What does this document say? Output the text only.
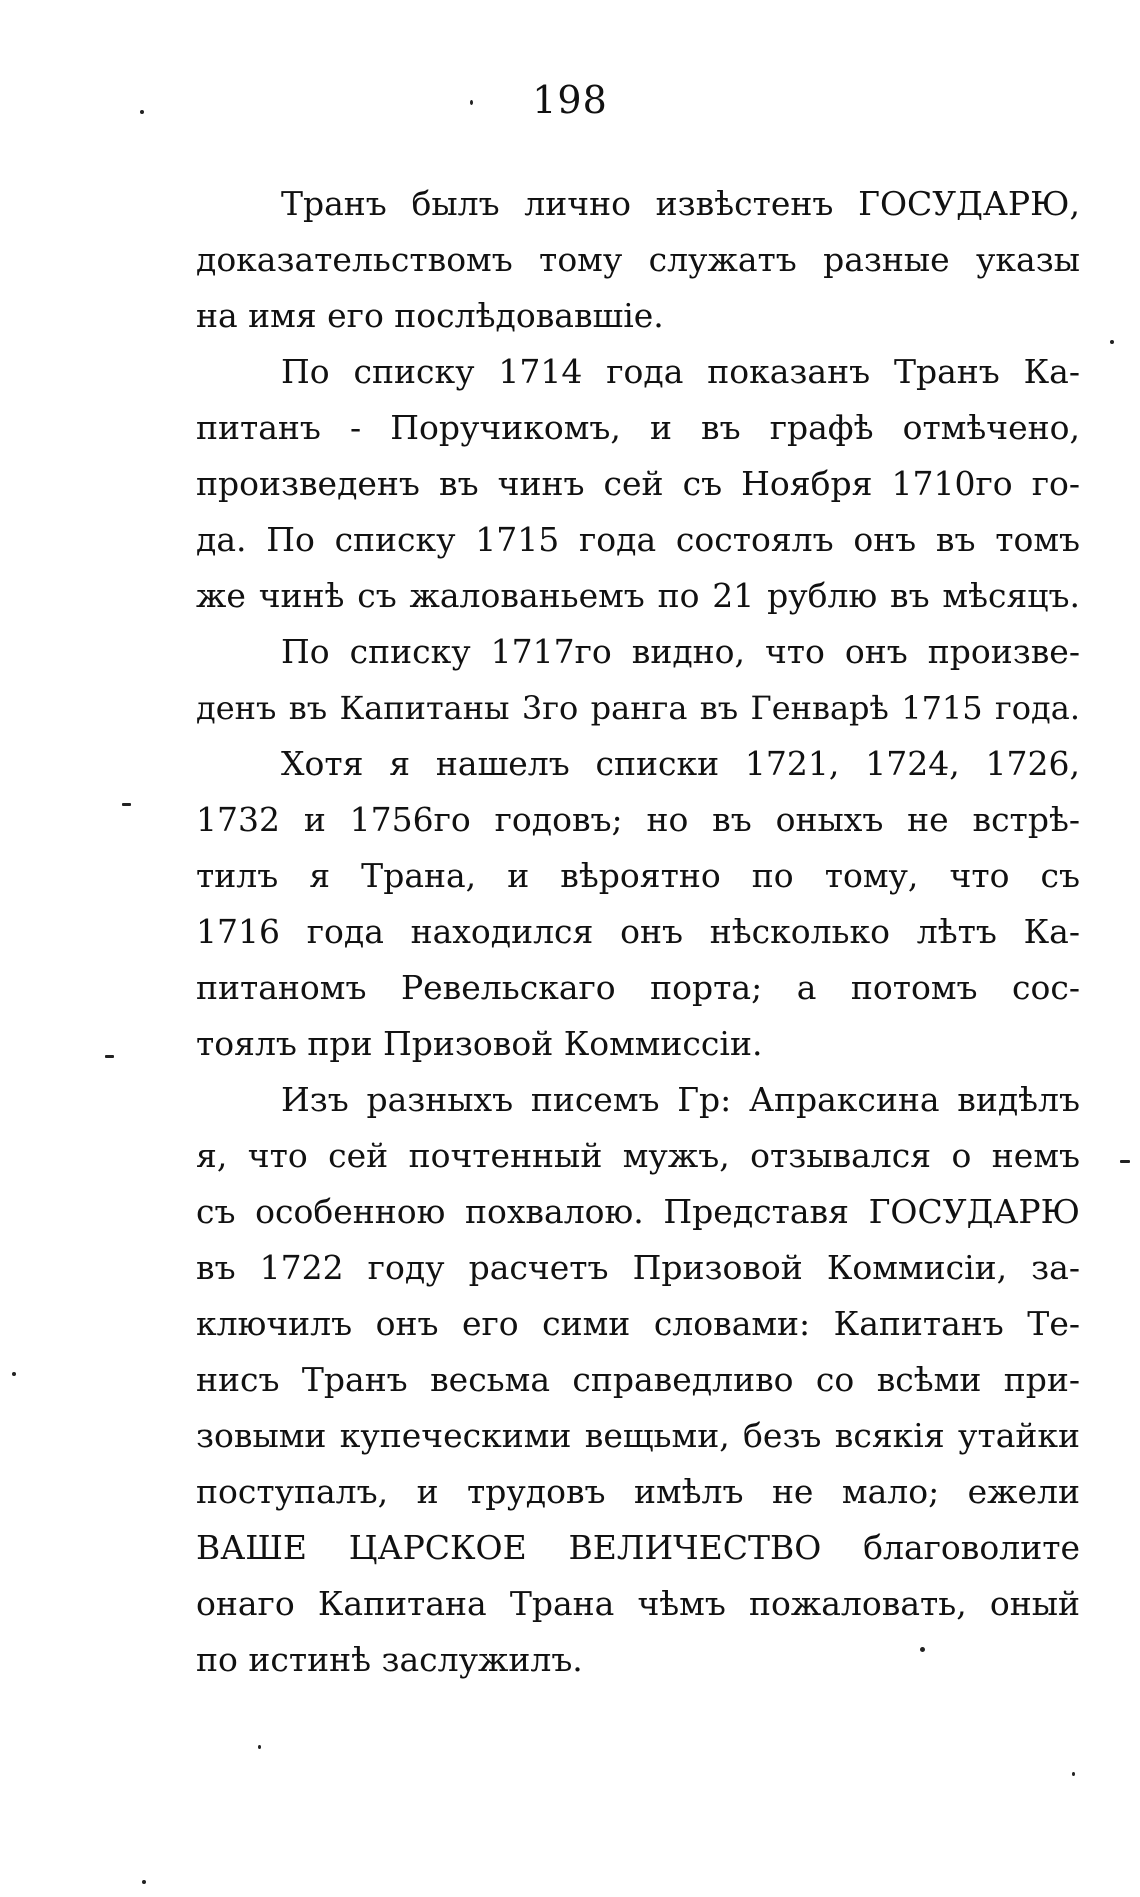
198
Транъ былъ лично извѣстенъ ГОСУДАРЮ,
доказательствомъ тому служатъ разные указы
на имя его послѣдовавшіе.
По списку 1714 года показанъ Транъ Ка-
питанъ - Поручикомъ, и въ графѣ отмѣчено,
произведенъ въ чинъ сей съ Ноября 1710го го-
да. По списку 1715 года состоялъ онъ въ томъ
же чинѣ съ жалованьемъ по 21 рублю въ мѣсяцъ.
По списку 1717го видно, что онъ произве-
денъ въ Капитаны 3го ранга въ Генварѣ 1715 года.
Хотя я нашелъ списки 1721, 1724, 1726,
1732 и 1756го годовъ; но въ оныхъ не встрѣ-
тилъ я Трана, и вѣроятно по тому, что съ
1716 года находился онъ нѣсколько лѣтъ Ка-
питаномъ Ревельскаго порта; а потомъ сос-
тоялъ при Призовой Коммиссіи.
Изъ разныхъ писемъ Гр: Апраксина видѣлъ
я, что сей почтенный мужъ, отзывался о немъ
съ особенною похвалою. Представя ГОСУДАРЮ
въ 1722 году расчетъ Призовой Коммисіи, за-
ключилъ онъ его сими словами: Капитанъ Те-
нисъ Транъ весьма справедливо со всѣми при-
зовыми купеческими вещьми, безъ всякія утайки
поступалъ, и трудовъ имѣлъ не мало; ежели
ВАШЕ ЦАРСКОЕ ВЕЛИЧЕСТВО благоволите
онаго Капитана Трана чѣмъ пожаловать, оный
по истинѣ заслужилъ.
